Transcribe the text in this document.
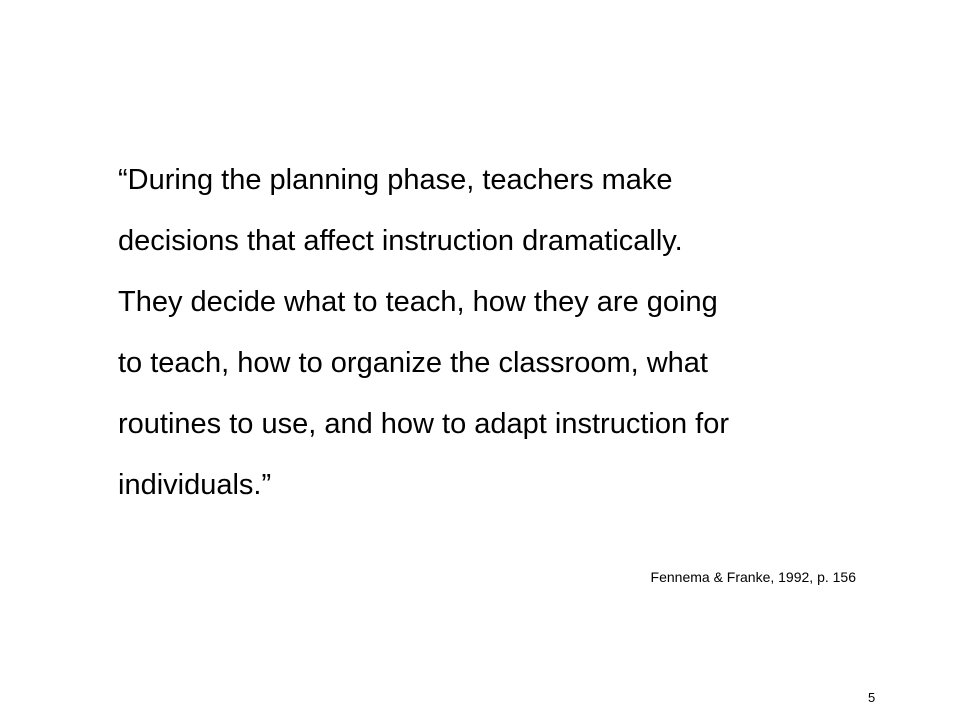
“During the planning phase, teachers make
decisions that affect instruction dramatically.
They decide what to teach, how they are going
to teach, how to organize the classroom, what
routines to use, and how to adapt instruction for
individuals.”
Fennema & Franke, 1992, p. 156
5
